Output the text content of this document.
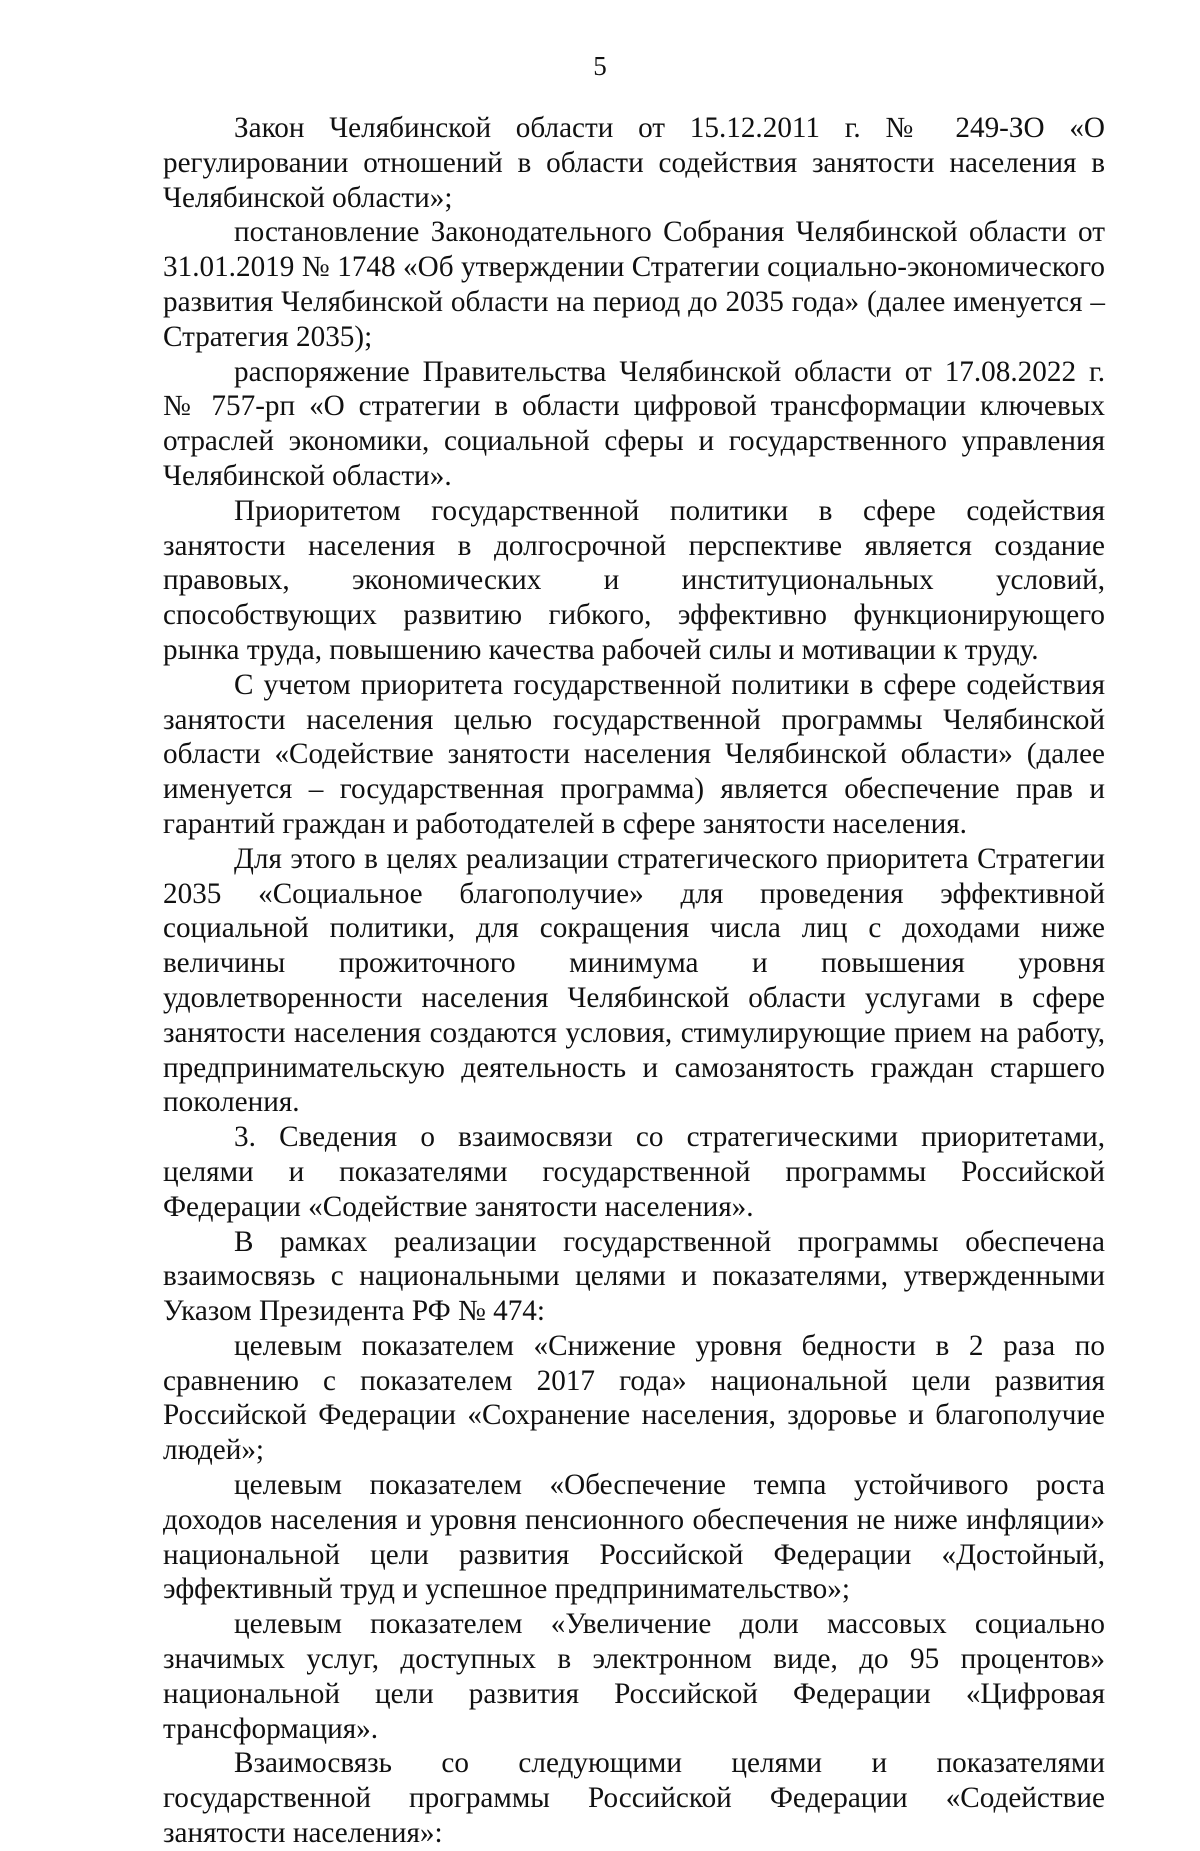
5

Закон Челябинской области от 15.12.2011 г. № 249-ЗО «О регулировании отношений в области содействия занятости населения в Челябинской области»;

постановление Законодательного Собрания Челябинской области от 31.01.2019 № 1748 «Об утверждении Стратегии социально-экономического развития Челябинской области на период до 2035 года» (далее именуется – Стратегия 2035);

распоряжение Правительства Челябинской области от 17.08.2022 г. № 757-рп «О стратегии в области цифровой трансформации ключевых отраслей экономики, социальной сферы и государственного управления Челябинской области».

Приоритетом государственной политики в сфере содействия занятости населения в долгосрочной перспективе является создание правовых, экономических и институциональных условий, способствующих развитию гибкого, эффективно функционирующего рынка труда, повышению качества рабочей силы и мотивации к труду.

С учетом приоритета государственной политики в сфере содействия занятости населения целью государственной программы Челябинской области «Содействие занятости населения Челябинской области» (далее именуется – государственная программа) является обеспечение прав и гарантий граждан и работодателей в сфере занятости населения.

Для этого в целях реализации стратегического приоритета Стратегии 2035 «Социальное благополучие» для проведения эффективной социальной политики, для сокращения числа лиц с доходами ниже величины прожиточного минимума и повышения уровня удовлетворенности населения Челябинской области услугами в сфере занятости населения создаются условия, стимулирующие прием на работу, предпринимательскую деятельность и самозанятость граждан старшего поколения.

3. Сведения о взаимосвязи со стратегическими приоритетами, целями и показателями государственной программы Российской Федерации «Содействие занятости населения».

В рамках реализации государственной программы обеспечена взаимосвязь с национальными целями и показателями, утвержденными Указом Президента РФ № 474:

целевым показателем «Снижение уровня бедности в 2 раза по сравнению с показателем 2017 года» национальной цели развития Российской Федерации «Сохранение населения, здоровье и благополучие людей»;

целевым показателем «Обеспечение темпа устойчивого роста доходов населения и уровня пенсионного обеспечения не ниже инфляции» национальной цели развития Российской Федерации «Достойный, эффективный труд и успешное предпринимательство»;

целевым показателем «Увеличение доли массовых социально значимых услуг, доступных в электронном виде, до 95 процентов» национальной цели развития Российской Федерации «Цифровая трансформация».

Взаимосвязь со следующими целями и показателями государственной программы Российской Федерации «Содействие занятости населения»:
